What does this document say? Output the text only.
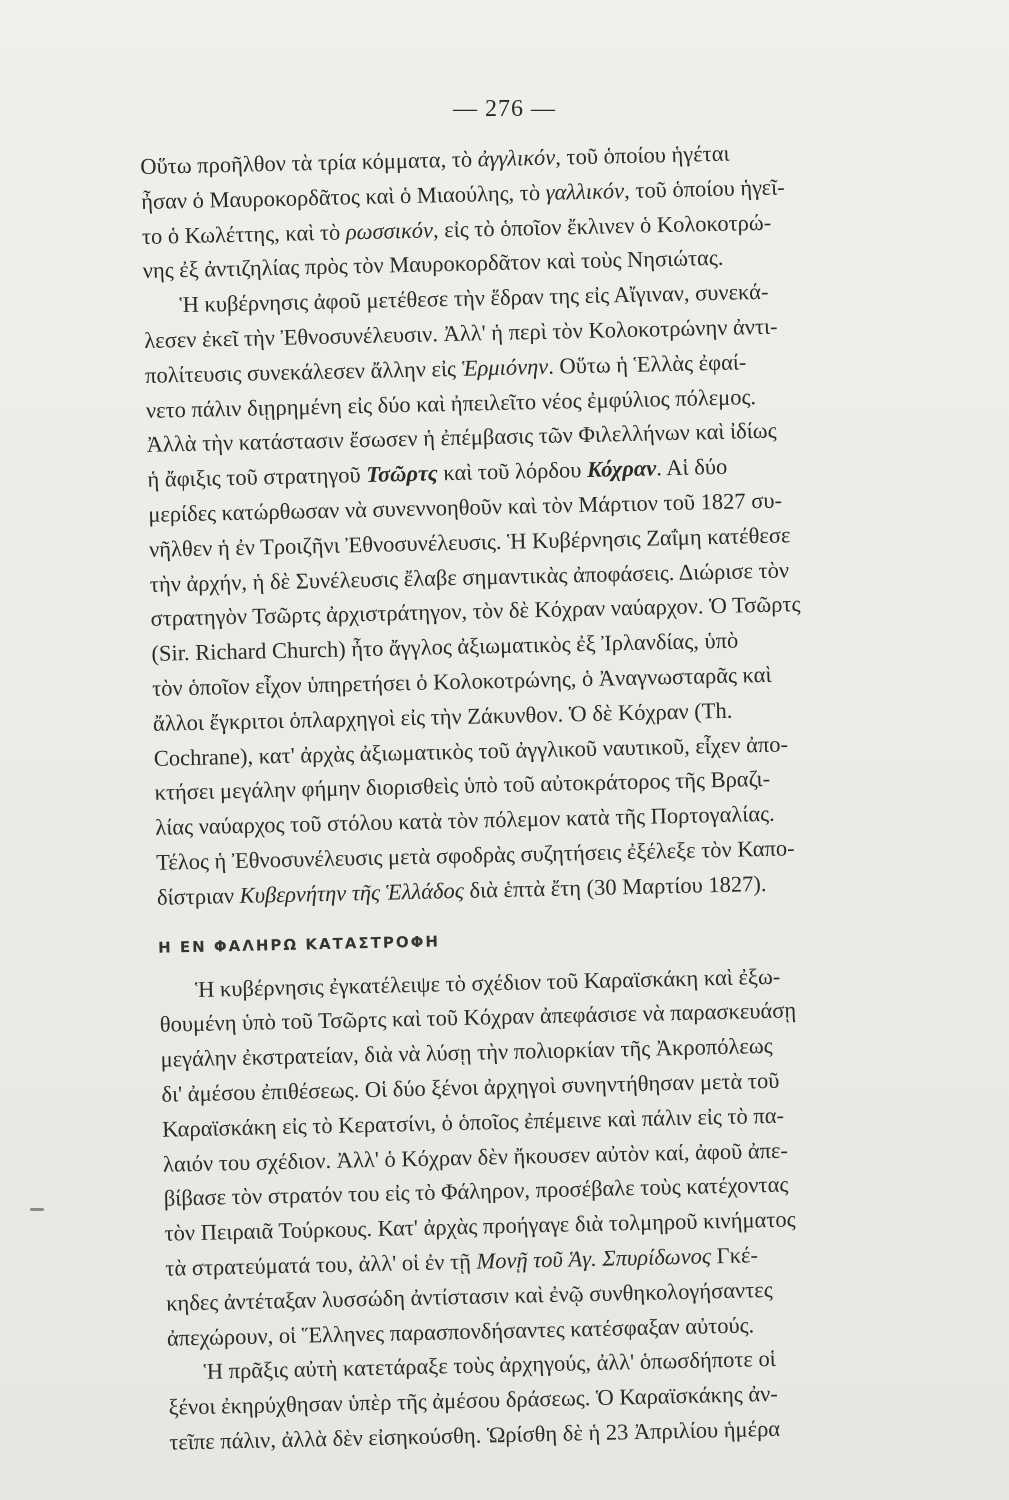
— 276 —
Οὕτω προῆλθον τὰ τρία κόμματα, τὸ ἀγγλικόν, τοῦ ὁποίου ἡγέται
ἦσαν ὁ Μαυροκορδᾶτος καὶ ὁ Μιαούλης, τὸ γαλλικόν, τοῦ ὁποίου ἡγεῖ-
το ὁ Κωλέττης, καὶ τὸ ρωσσικόν, εἰς τὸ ὁποῖον ἔκλινεν ὁ Κολοκοτρώ-
νης ἐξ ἀντιζηλίας πρὸς τὸν Μαυροκορδᾶτον καὶ τοὺς Νησιώτας.
Ἡ κυβέρνησις ἀφοῦ μετέθεσε τὴν ἕδραν της εἰς Αἴγιναν, συνεκά-
λεσεν ἐκεῖ τὴν Ἐθνοσυνέλευσιν. Ἀλλ' ἡ περὶ τὸν Κολοκοτρώνην ἀντι-
πολίτευσις συνεκάλεσεν ἄλλην εἰς Ἑρμιόνην. Οὕτω ἡ Ἑλλὰς ἐφαί-
νετο πάλιν διῃρημένη εἰς δύο καὶ ἠπειλεῖτο νέος ἐμφύλιος πόλεμος.
Ἀλλὰ τὴν κατάστασιν ἔσωσεν ἡ ἐπέμβασις τῶν Φιλελλήνων καὶ ἰδίως
ἡ ἄφιξις τοῦ στρατηγοῦ Τσῶρτς καὶ τοῦ λόρδου Κόχραν. Αἱ δύο
μερίδες κατώρθωσαν νὰ συνεννοηθοῦν καὶ τὸν Μάρτιον τοῦ 1827 συ-
νῆλθεν ἡ ἐν Τροιζῆνι Ἐθνοσυνέλευσις. Ἡ Κυβέρνησις Ζαΐμη κατέθεσε
τὴν ἀρχήν, ἡ δὲ Συνέλευσις ἔλαβε σημαντικὰς ἀποφάσεις. Διώρισε τὸν
στρατηγὸν Τσῶρτς ἀρχιστράτηγον, τὸν δὲ Κόχραν ναύαρχον. Ὁ Τσῶρτς
(Sir. Richard Church) ἦτο ἄγγλος ἀξιωματικὸς ἐξ Ἰρλανδίας, ὑπὸ
τὸν ὁποῖον εἶχον ὑπηρετήσει ὁ Κολοκοτρώνης, ὁ Ἀναγνωσταρᾶς καὶ
ἄλλοι ἔγκριτοι ὁπλαρχηγοὶ εἰς τὴν Ζάκυνθον. Ὁ δὲ Κόχραν (Th.
Cochrane), κατ' ἀρχὰς ἀξιωματικὸς τοῦ ἀγγλικοῦ ναυτικοῦ, εἶχεν ἀπο-
κτήσει μεγάλην φήμην διορισθεὶς ὑπὸ τοῦ αὐτοκράτορος τῆς Βραζι-
λίας ναύαρχος τοῦ στόλου κατὰ τὸν πόλεμον κατὰ τῆς Πορτογαλίας.
Τέλος ἡ Ἐθνοσυνέλευσις μετὰ σφοδρὰς συζητήσεις ἐξέλεξε τὸν Καπο-
δίστριαν Κυβερνήτην τῆς Ἑλλάδος διὰ ἑπτὰ ἔτη (30 Μαρτίου 1827).
Η ΕΝ ΦΑΛΗΡΩ ΚΑΤΑΣΤΡΟΦΗ
Ἡ κυβέρνησις ἐγκατέλειψε τὸ σχέδιον τοῦ Καραϊσκάκη καὶ ἐξω-
θουμένη ὑπὸ τοῦ Τσῶρτς καὶ τοῦ Κόχραν ἀπεφάσισε νὰ παρασκευάσῃ
μεγάλην ἐκστρατείαν, διὰ νὰ λύσῃ τὴν πολιορκίαν τῆς Ἀκροπόλεως
δι' ἀμέσου ἐπιθέσεως. Οἱ δύο ξένοι ἀρχηγοὶ συνηντήθησαν μετὰ τοῦ
Καραϊσκάκη εἰς τὸ Κερατσίνι, ὁ ὁποῖος ἐπέμεινε καὶ πάλιν εἰς τὸ πα-
λαιόν του σχέδιον. Ἀλλ' ὁ Κόχραν δὲν ἤκουσεν αὐτὸν καί, ἀφοῦ ἀπε-
βίβασε τὸν στρατόν του εἰς τὸ Φάληρον, προσέβαλε τοὺς κατέχοντας
τὸν Πειραιᾶ Τούρκους. Κατ' ἀρχὰς προήγαγε διὰ τολμηροῦ κινήματος
τὰ στρατεύματά του, ἀλλ' οἱ ἐν τῇ Μονῇ τοῦ Ἁγ. Σπυρίδωνος Γκέ-
κηδες ἀντέταξαν λυσσώδη ἀντίστασιν καὶ ἐνῷ συνθηκολογήσαντες
ἀπεχώρουν, οἱ Ἕλληνες παρασπονδήσαντες κατέσφαξαν αὐτούς.
Ἡ πρᾶξις αὐτὴ κατετάραξε τοὺς ἀρχηγούς, ἀλλ' ὁπωσδήποτε οἱ
ξένοι ἐκηρύχθησαν ὑπὲρ τῆς ἀμέσου δράσεως. Ὁ Καραϊσκάκης ἀν-
τεῖπε πάλιν, ἀλλὰ δὲν εἰσηκούσθη. Ὡρίσθη δὲ ἡ 23 Ἀπριλίου ἡμέρα
